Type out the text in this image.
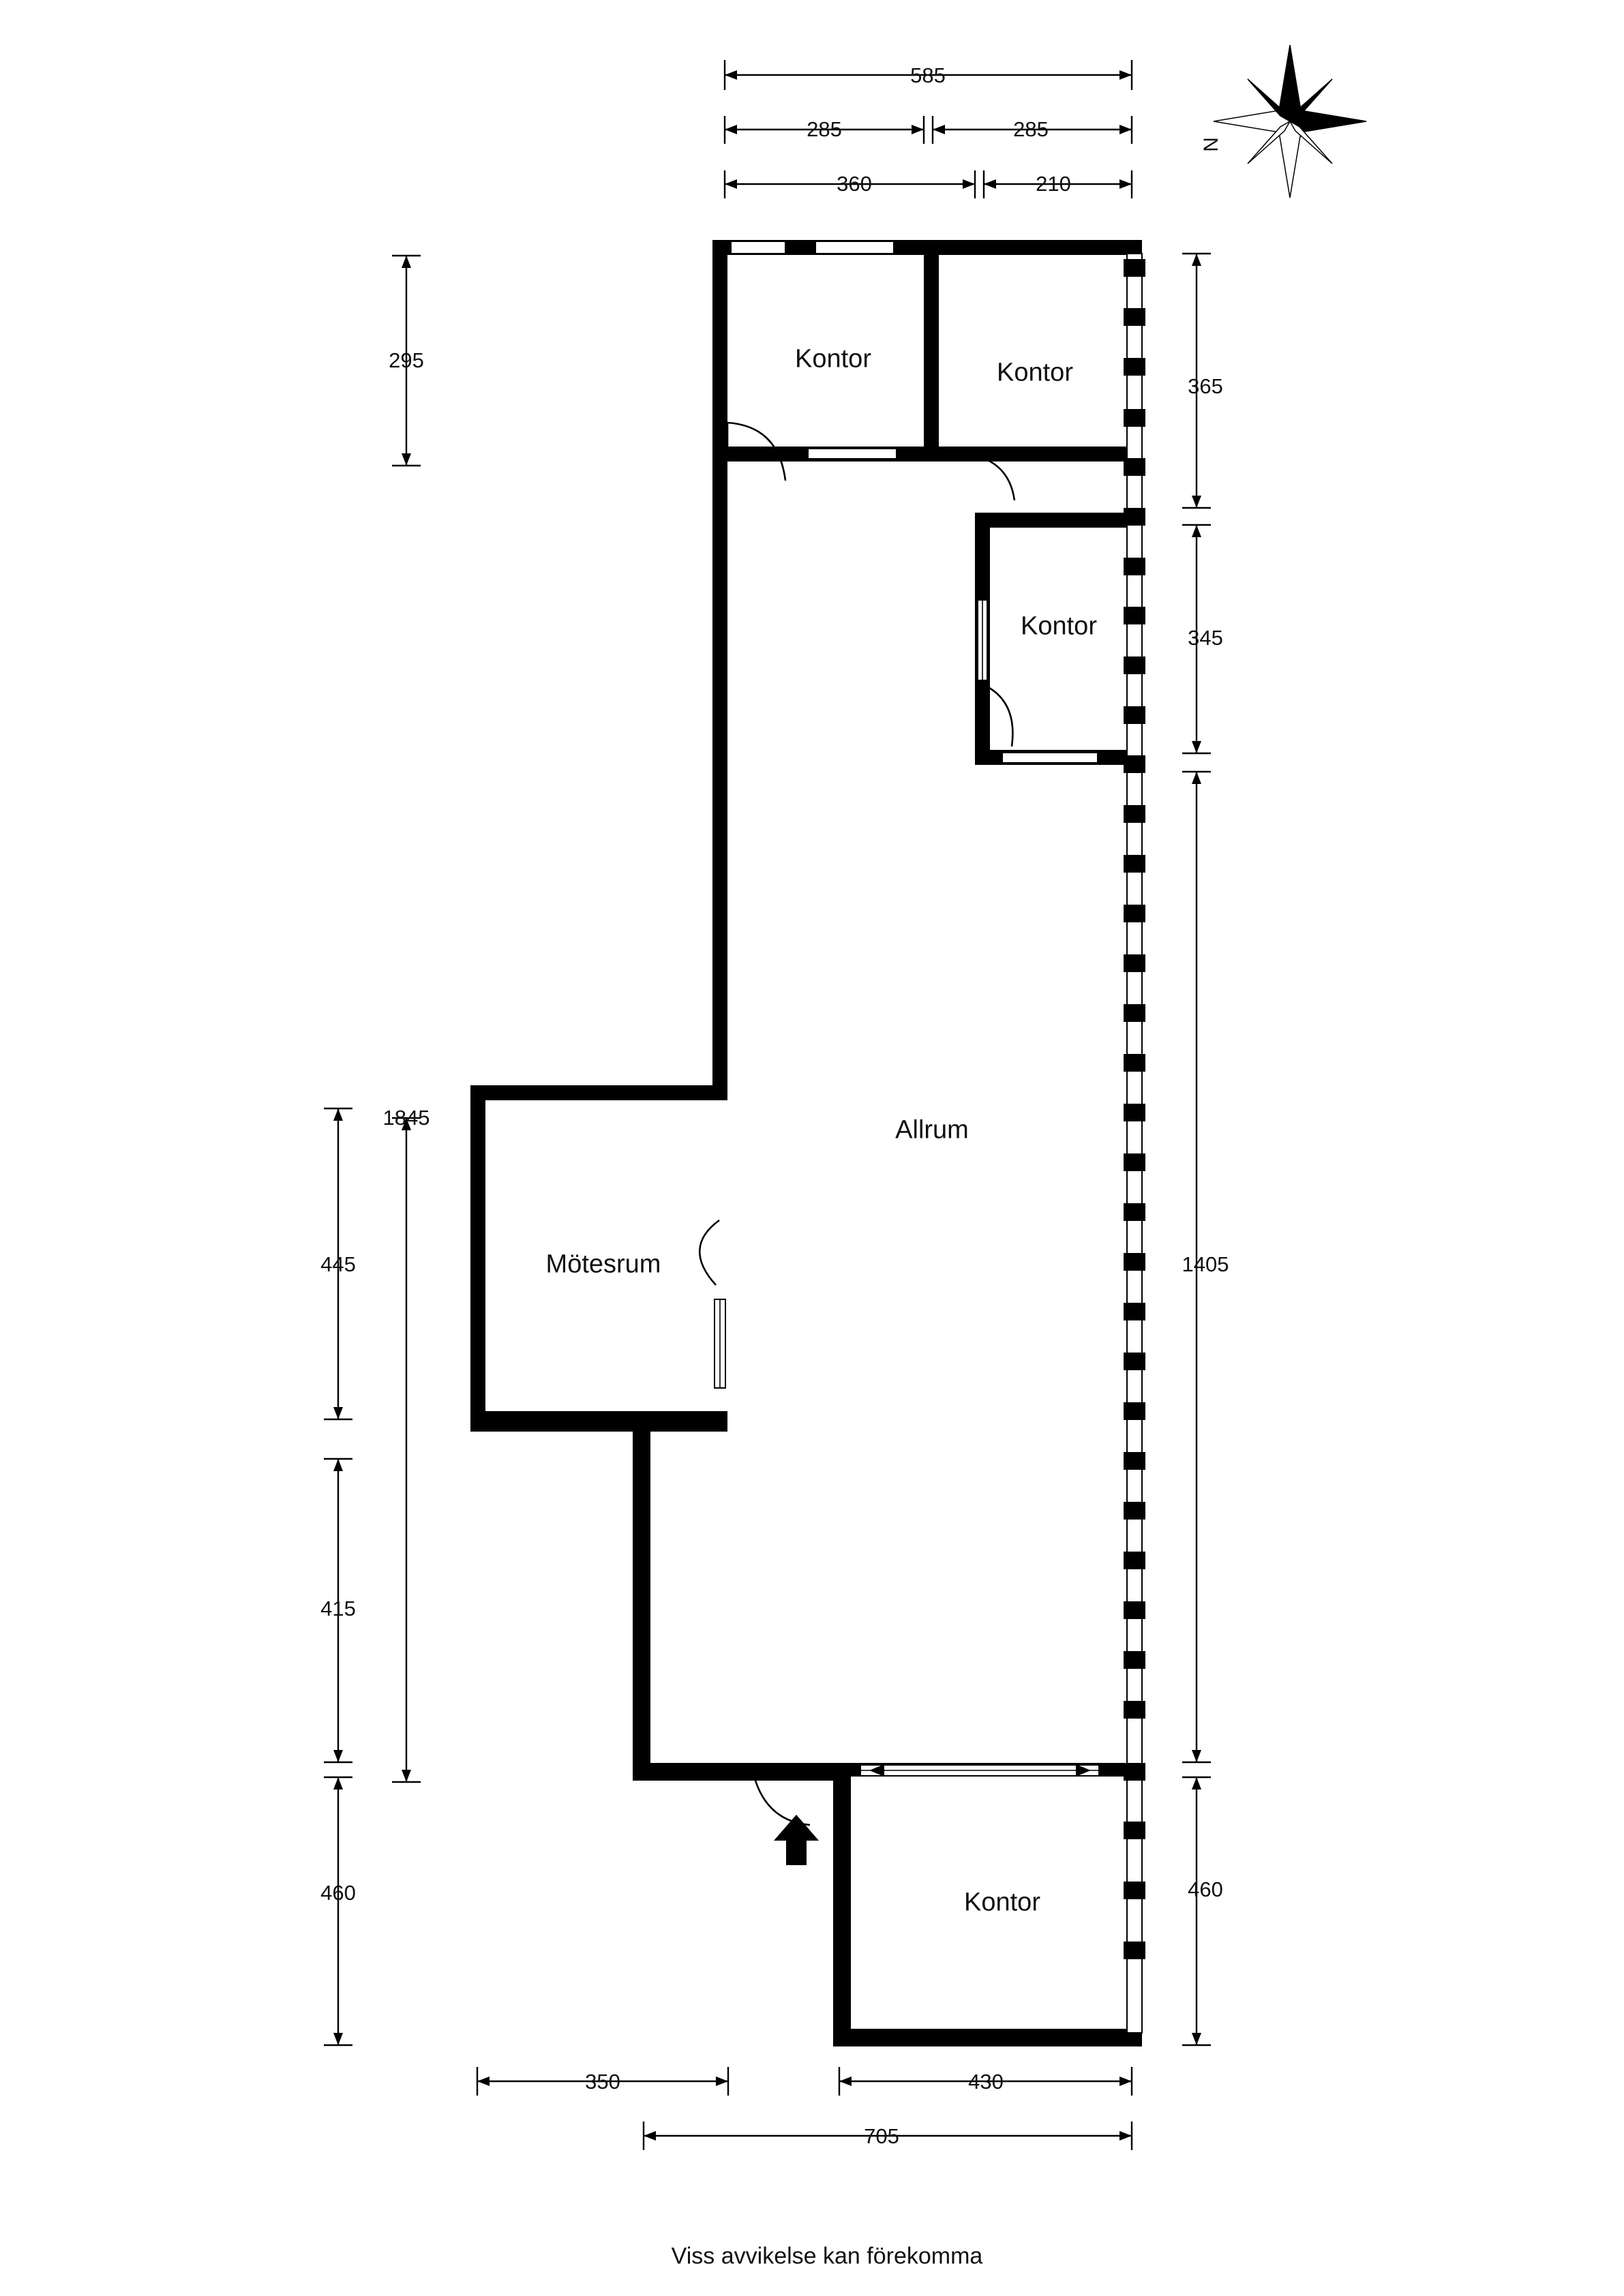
Kontor	Kontor
Kontor
Allrum
Mötesrum
Kontor
585
285	285
360	210
295
1845
445
415
460
365
345
1405
460
350	430
705
N
Viss avvikelse kan förekomma
